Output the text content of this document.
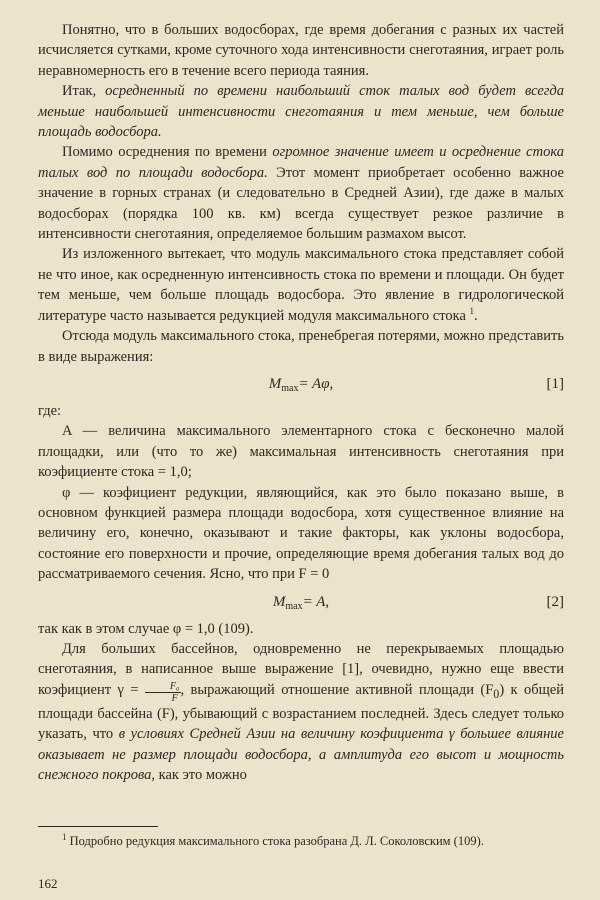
Понятно, что в больших водосборах, где время добегания с разных их частей исчисляется сутками, кроме суточного хода интенсивности снеготаяния, играет роль неравномерность его в течение всего периода таяния.

Итак, осредненный по времени наибольший сток талых вод будет всегда меньше наибольшей интенсивности снеготаяния и тем меньше, чем больше площадь водосбора.

Помимо осреднения по времени огромное значение имеет и осреднение стока талых вод по площади водосбора. Этот момент приобретает особенно важное значение в горных странах (и следовательно в Средней Азии), где даже в малых водосборах (порядка 100 кв. км) всегда существует резкое различие в интенсивности снеготаяния, определяемое большим размахом высот.

Из изложенного вытекает, что модуль максимального стока представляет собой не что иное, как осредненную интенсивность стока по времени и площади. Он будет тем меньше, чем больше площадь водосбора. Это явление в гидрологической литературе часто называется редукцией модуля максимального стока $^1$.

Отсюда модуль максимального стока, пренебрегая потерями, можно представить в виде выражения:

$M_{max}= A\varphi$,	[1]

где:

A — величина максимального элементарного стока с бесконечно малой площадки, или (что то же) максимальная интенсивность снеготаяния при коэфициенте стока = 1,0;

φ — коэфициент редукции, являющийся, как это было показано выше, в основном функцией размера площади водосбора, хотя существенное влияние на величину его, конечно, оказывают и такие факторы, как уклоны водосбора, состояние его поверхности и прочие, определяющие время добегания талых вод до рассматриваемого сечения. Ясно, что при F = 0

$M_{max}= A$,	[2]

так как в этом случае φ = 1,0 (109).

Для больших бассейнов, одновременно не перекрываемых площадью снеготаяния, в написанное выше выражение [1], очевидно, нужно еще ввести коэфициент $\gamma = \frac{\text{F₀}}{F}$ , выражающий отношение активной площади $(F_0)$ к общей площади бассейна (F), убывающий с возрастанием последней. Здесь следует только указать, что в условиях Средней Азии на величину коэфициента γ большее влияние оказывает не размер площади водосбора, а амплитуда его высот и мощность снежного покрова, как это можно

$^1$ Подробно редукция максимального стока разобрана Д. Л. Соколовским (109).

162
